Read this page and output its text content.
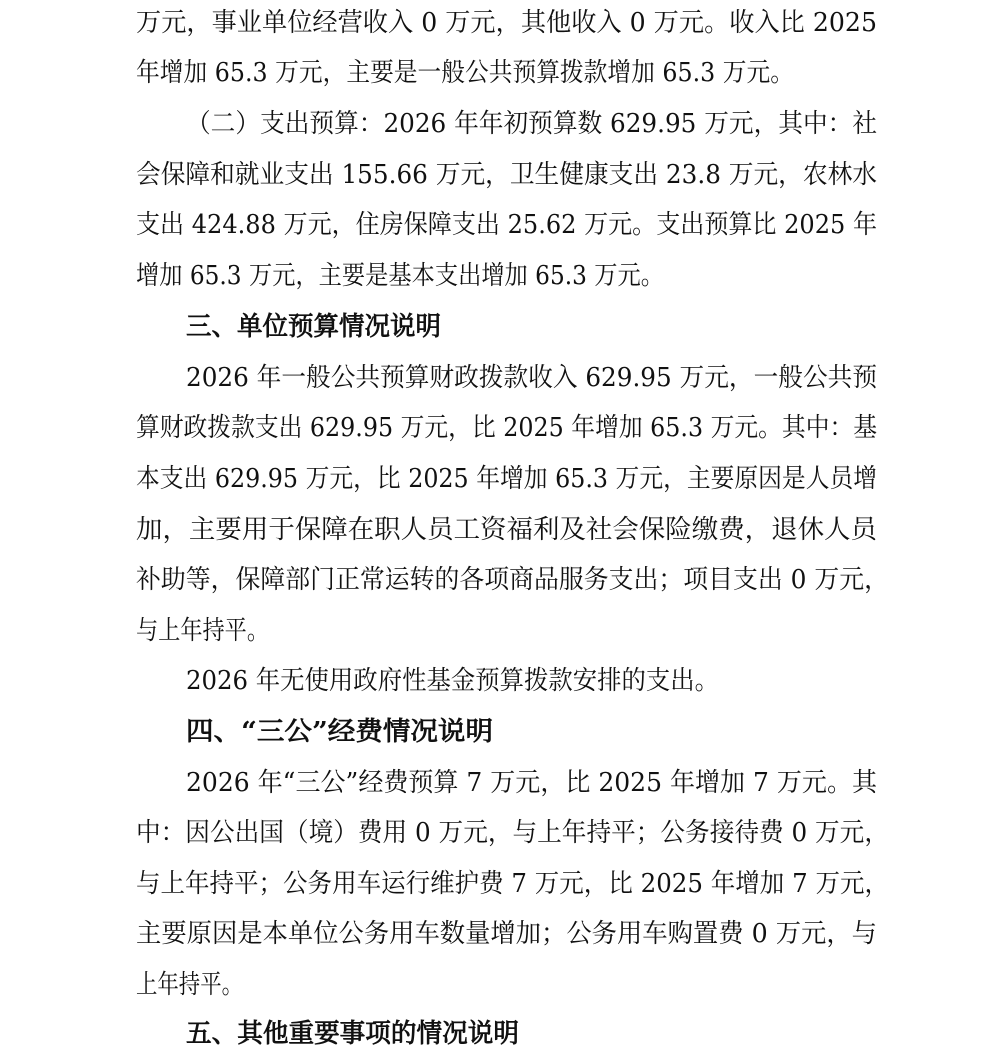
万元，事业单位经营收入 0 万元，其他收入 0 万元。收入比 2025
年增加 65.3 万元，主要是一般公共预算拨款增加 65.3 万元。
（二）支出预算：2026 年年初预算数 629.95 万元，其中：社
会保障和就业支出 155.66 万元，卫生健康支出 23.8 万元，农林水
支出 424.88 万元，住房保障支出 25.62 万元。支出预算比 2025 年
增加 65.3 万元，主要是基本支出增加 65.3 万元。
三、单位预算情况说明
2026 年一般公共预算财政拨款收入 629.95 万元，一般公共预
算财政拨款支出 629.95 万元，比 2025 年增加 65.3 万元。其中：基
本支出 629.95 万元，比 2025 年增加 65.3 万元，主要原因是人员增
加，主要用于保障在职人员工资福利及社会保险缴费，退休人员
补助等，保障部门正常运转的各项商品服务支出；项目支出 0 万元，
与上年持平。
2026 年无使用政府性基金预算拨款安排的支出。
四、“三公”经费情况说明
2026 年“三公”经费预算 7 万元，比 2025 年增加 7 万元。其
中：因公出国（境）费用 0 万元，与上年持平；公务接待费 0 万元，
与上年持平；公务用车运行维护费 7 万元，比 2025 年增加 7 万元，
主要原因是本单位公务用车数量增加；公务用车购置费 0 万元，与
上年持平。
五、其他重要事项的情况说明
